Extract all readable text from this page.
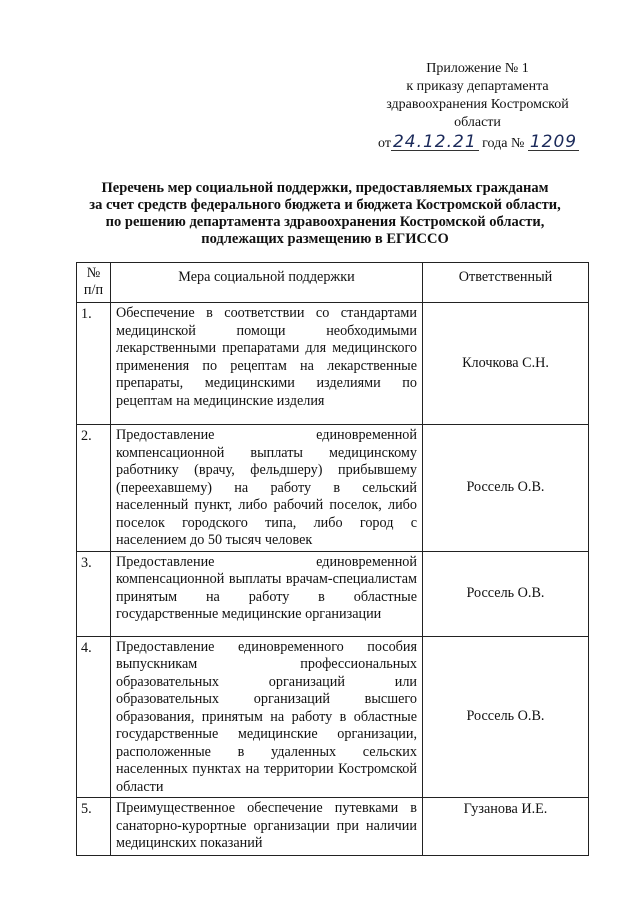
Приложение № 1
к приказу департамента
здравоохранения Костромской
области
от 24.12.21 года № 1209
Перечень мер социальной поддержки, предоставляемых гражданам
за счет средств федерального бюджета и бюджета Костромской области,
по решению департамента здравоохранения Костромской области,
подлежащих размещению в ЕГИССО
№
п/п	Мера социальной поддержки	Ответственный
1.	Обеспечение в соответствии со стандартами медицинской помощи необходимыми лекарственными препаратами для медицинского применения по рецептам на лекарственные препараты, медицинскими изделиями по рецептам на медицинские изделия	Клочкова С.Н.
2.	Предоставление единовременной компенсационной выплаты медицинскому работнику (врачу, фельдшеру) прибывшему (переехавшему) на работу в сельский населенный пункт, либо рабочий поселок, либо поселок городского типа, либо город с населением до 50 тысяч человек	Россель О.В.
3.	Предоставление единовременной компенсационной выплаты врачам-специалистам принятым на работу в областные государственные медицинские организации	Россель О.В.
4.	Предоставление единовременного пособия выпускникам профессиональных образовательных организаций или образовательных организаций высшего образования, принятым на работу в областные государственные медицинские организации, расположенные в удаленных сельских населенных пунктах на территории Костромской области	Россель О.В.
5.	Преимущественное обеспечение путевками в санаторно-курортные организации при наличии медицинских показаний	Гузанова И.Е.
